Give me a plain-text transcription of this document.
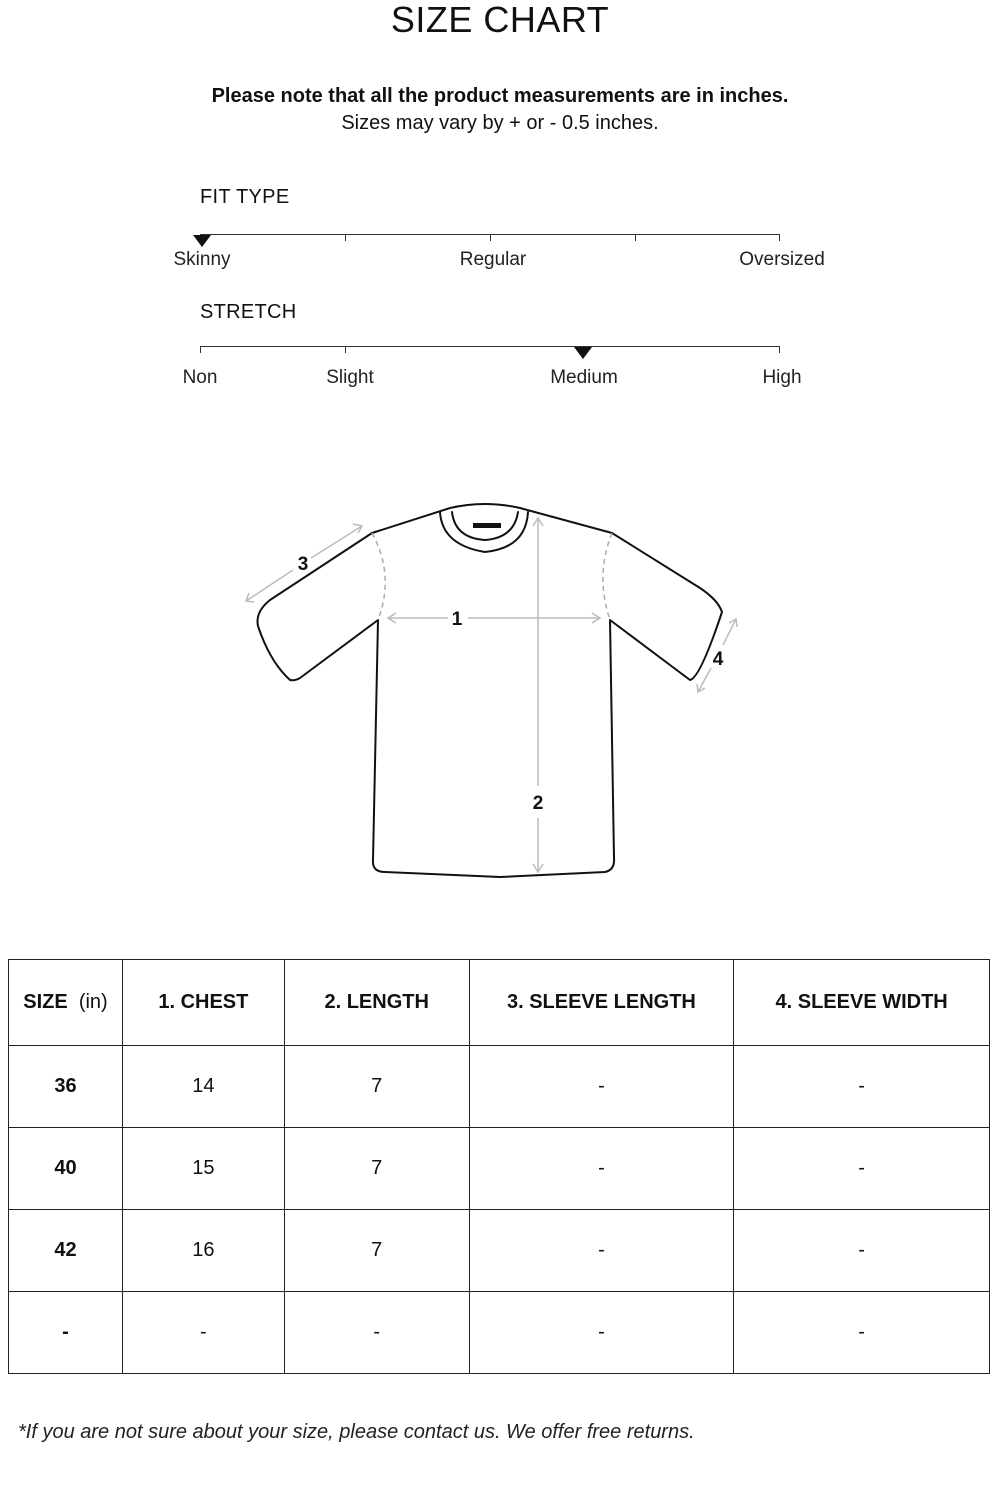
SIZE CHART
Please note that all the product measurements are in inches.
Sizes may vary by + or - 0.5 inches.
FIT TYPE
Skinny	Regular	Oversized
STRETCH
Non	Slight	Medium	High
1
2
3
4
SIZE (in)	1. CHEST	2. LENGTH	3. SLEEVE LENGTH	4. SLEEVE WIDTH
36	14	7	-	-
40	15	7	-	-
42	16	7	-	-
-	-	-	-	-
*If you are not sure about your size, please contact us. We offer free returns.
